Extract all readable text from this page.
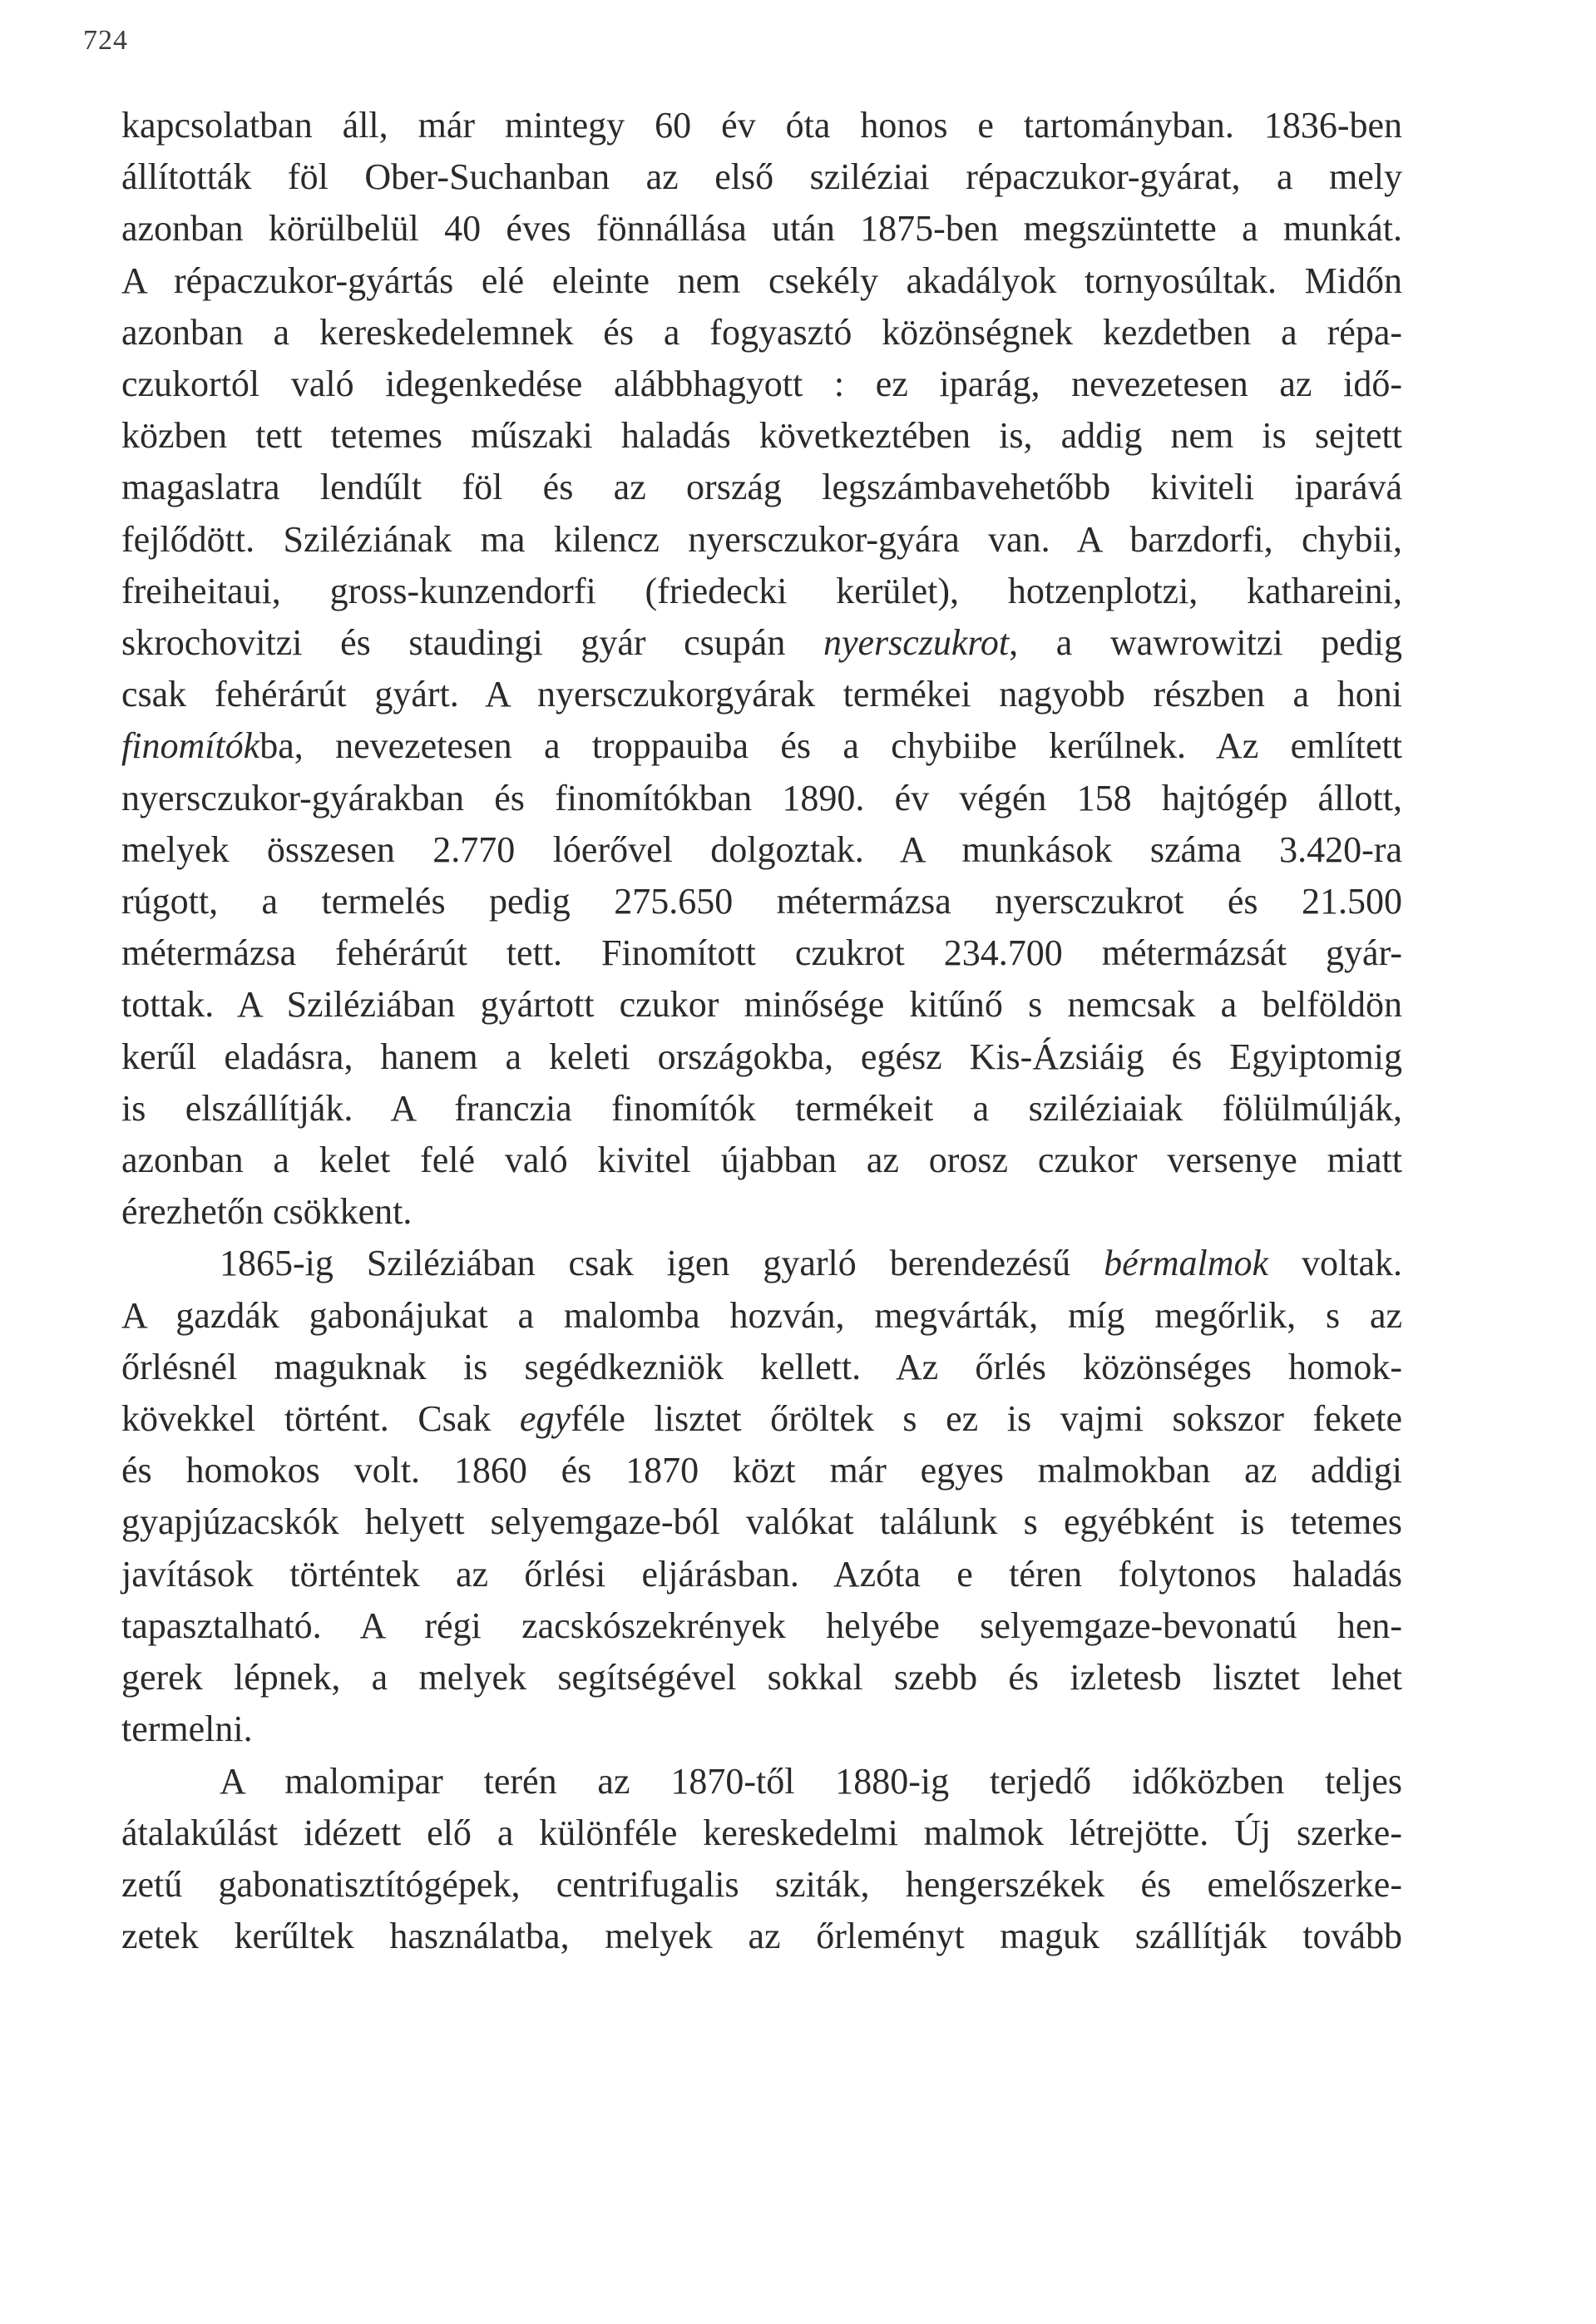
724
kapcsolatban áll, már mintegy 60 év óta honos e tartományban. 1836-ben
állították föl Ober-Suchanban az első sziléziai répaczukor-gyárat, a mely
azonban körülbelül 40 éves fönnállása után 1875-ben megszüntette a munkát.
A répaczukor-gyártás elé eleinte nem csekély akadályok tornyosúltak. Midőn
azonban a kereskedelemnek és a fogyasztó közönségnek kezdetben a répa-
czukortól való idegenkedése alábbhagyott : ez iparág, nevezetesen az idő-
közben tett tetemes műszaki haladás következtében is, addig nem is sejtett
magaslatra lendűlt föl és az ország legszámbavehetőbb kiviteli iparává
fejlődött. Sziléziának ma kilencz nyersczukor-gyára van. A barzdorfi, chybii,
freiheitaui, gross-kunzendorfi (friedecki kerület), hotzenplotzi, kathareini,
skrochovitzi és staudingi gyár csupán nyersczukrot, a wawrowitzi pedig
csak fehérárút gyárt. A nyersczukorgyárak termékei nagyobb részben a honi
finomítókba, nevezetesen a troppauiba és a chybiibe kerűlnek. Az említett
nyersczukor-gyárakban és finomítókban 1890. év végén 158 hajtógép állott,
melyek összesen 2.770 lóerővel dolgoztak. A munkások száma 3.420-ra
rúgott, a termelés pedig 275.650 métermázsa nyersczukrot és 21.500
métermázsa fehérárút tett. Finomított czukrot 234.700 métermázsát gyár-
tottak. A Sziléziában gyártott czukor minősége kitűnő s nemcsak a belföldön
kerűl eladásra, hanem a keleti országokba, egész Kis-Ázsiáig és Egyiptomig
is elszállítják. A franczia finomítók termékeit a sziléziaiak fölülmúlják,
azonban a kelet felé való kivitel újabban az orosz czukor versenye miatt
érezhetőn csökkent.
1865-ig Sziléziában csak igen gyarló berendezésű bérmalmok voltak.
A gazdák gabonájukat a malomba hozván, megvárták, míg megőrlik, s az
őrlésnél maguknak is segédkezniök kellett. Az őrlés közönséges homok-
kövekkel történt. Csak egyféle lisztet őröltek s ez is vajmi sokszor fekete
és homokos volt. 1860 és 1870 közt már egyes malmokban az addigi
gyapjúzacskók helyett selyemgaze-ból valókat találunk s egyébként is tetemes
javítások történtek az őrlési eljárásban. Azóta e téren folytonos haladás
tapasztalható. A régi zacskószekrények helyébe selyemgaze-bevonatú hen-
gerek lépnek, a melyek segítségével sokkal szebb és izletesb lisztet lehet
termelni.
A malomipar terén az 1870-től 1880-ig terjedő időközben teljes
átalakúlást idézett elő a különféle kereskedelmi malmok létrejötte. Új szerke-
zetű gabonatisztítógépek, centrifugalis sziták, hengerszékek és emelőszerke-
zetek kerűltek használatba, melyek az őrleményt maguk szállítják tovább
